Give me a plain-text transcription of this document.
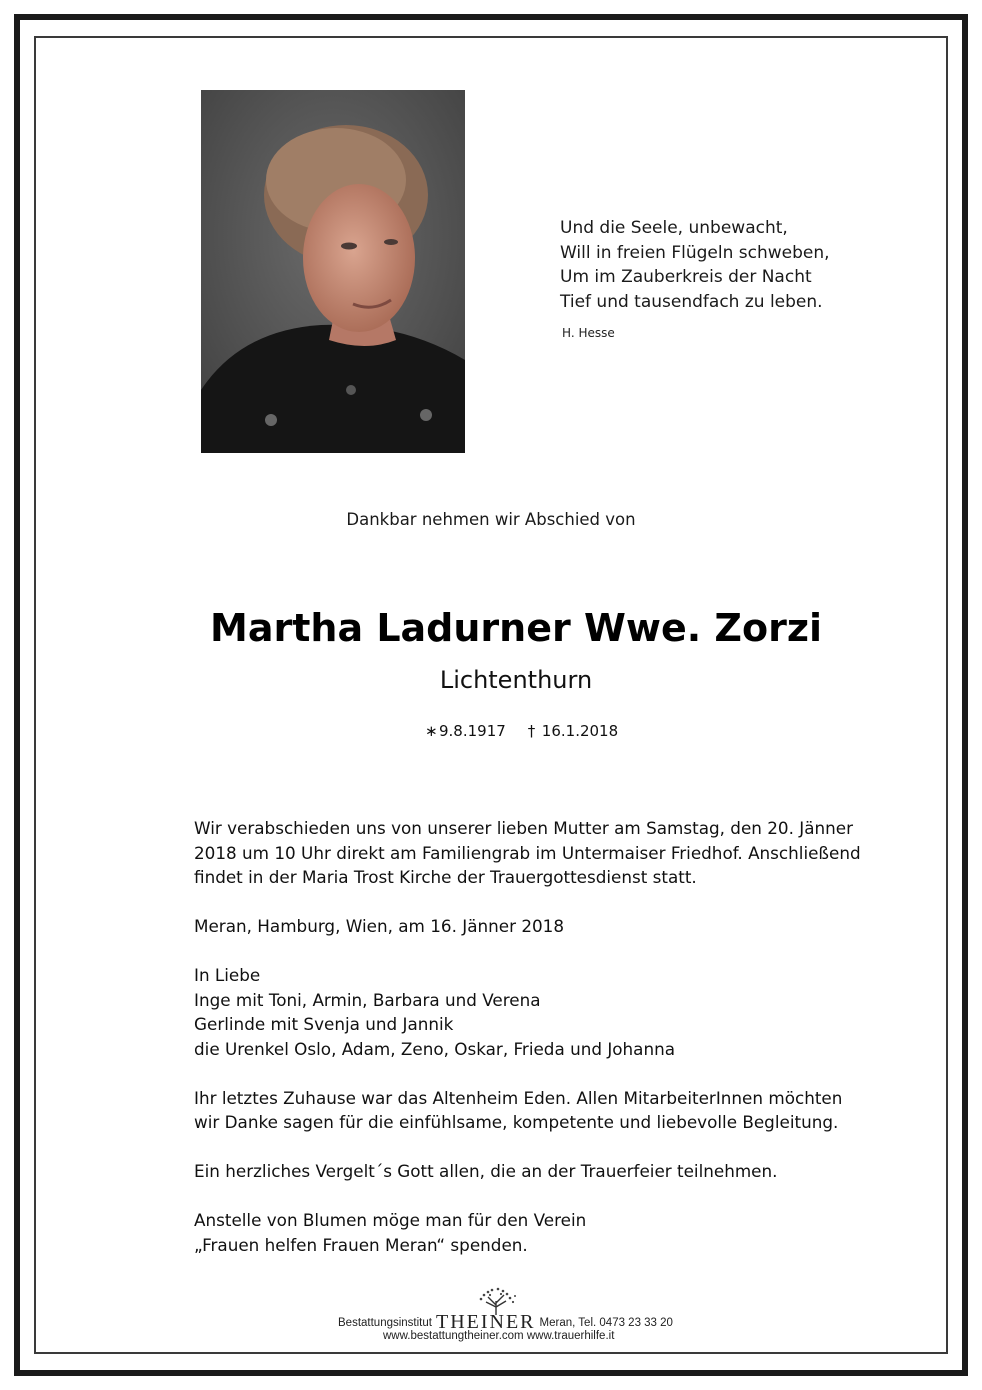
Und die Seele, unbewacht,
Will in freien Flügeln schweben,
Um im Zauberkreis der Nacht
Tief und tausendfach zu leben.
H. Hesse
Dankbar nehmen wir Abschied von
Martha Ladurner Wwe. Zorzi
Lichtenthurn
∗9.8.1917 † 16.1.2018
Wir verabschieden uns von unserer lieben Mutter am Samstag, den 20. Jänner
2018 um 10 Uhr direkt am Familiengrab im Untermaiser Friedhof. Anschließend
findet in der Maria Trost Kirche der Trauergottesdienst statt.
Meran, Hamburg, Wien, am 16. Jänner 2018
In Liebe
Inge mit Toni, Armin, Barbara und Verena
Gerlinde mit Svenja und Jannik
die Urenkel Oslo, Adam, Zeno, Oskar, Frieda und Johanna
Ihr letztes Zuhause war das Altenheim Eden. Allen MitarbeiterInnen möchten
wir Danke sagen für die einfühlsame, kompetente und liebevolle Begleitung.
Ein herzliches Vergelt´s Gott allen, die an der Trauerfeier teilnehmen.
Anstelle von Blumen möge man für den Verein
„Frauen helfen Frauen Meran“ spenden.
Bestattungsinstitut THEINER Meran, Tel. 0473 23 33 20
www.bestattungtheiner.com www.trauerhilfe.it
